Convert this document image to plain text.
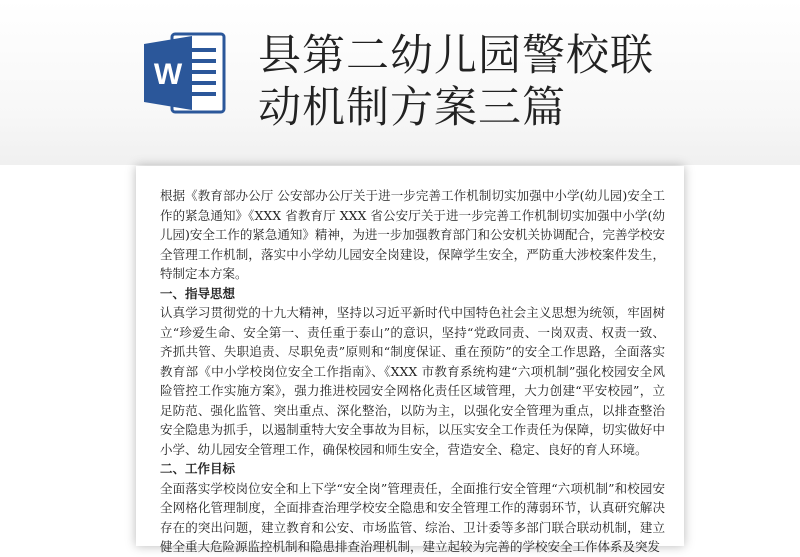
W 县第二幼儿园警校联
动机制方案三篇

根据《教育部办公厅 公安部办公厅关于进一步完善工作机制切实加强中小学(幼儿园)安全工作的紧急通知》《XXX 省教育厅 XXX 省公安厅关于进一步完善工作机制切实加强中小学(幼儿园)安全工作的紧急通知》精神，为进一步加强教育部门和公安机关协调配合，完善学校安全管理工作机制，落实中小学幼儿园安全岗建设，保障学生安全，严防重大涉校案件发生，特制定本方案。

一、指导思想

认真学习贯彻党的十九大精神，坚持以习近平新时代中国特色社会主义思想为统领，牢固树立“珍爱生命、安全第一、责任重于泰山”的意识，坚持“党政同责、一岗双责、权责一致、齐抓共管、失职追责、尽职免责”原则和“制度保证、重在预防”的安全工作思路，全面落实教育部《中小学校岗位安全工作指南》、《XXX 市教育系统构建“六项机制”强化校园安全风险管控工作实施方案》，强力推进校园安全网格化责任区域管理，大力创建“平安校园”，立足防范、强化监管、突出重点、深化整治，以防为主，以强化安全管理为重点，以排查整治安全隐患为抓手，以遏制重特大安全事故为目标，以压实安全工作责任为保障，切实做好中小学、幼儿园安全管理工作，确保校园和师生安全，营造安全、稳定、良好的育人环境。

二、工作目标

全面落实学校岗位安全和上下学“安全岗”管理责任，全面推行安全管理“六项机制”和校园安全网格化管理制度，全面排查治理学校安全隐患和安全管理工作的薄弱环节，认真研究解决存在的突出问题，建立教育和公安、市场监管、综治、卫计委等多部门联合联动机制，建立健全重大危险源监控机制和隐患排查治理机制，建立起较为完善的学校安全工作体系及突发
